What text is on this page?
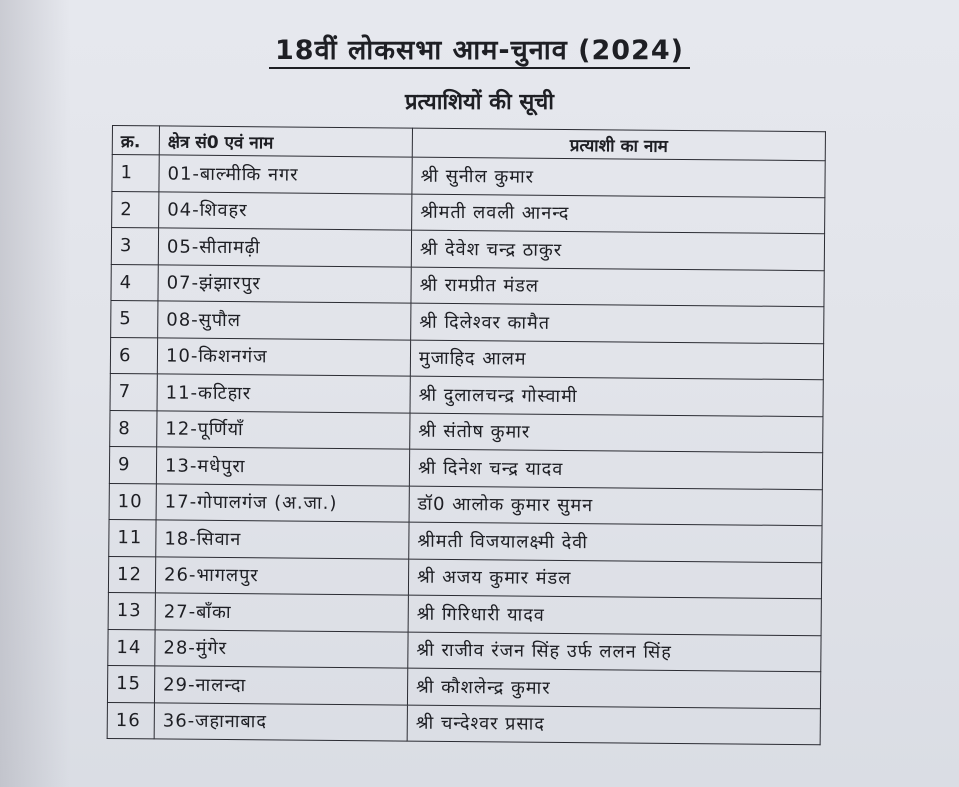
18वीं लोकसभा आम-चुनाव (2024)
प्रत्याशियों की सूची
क्र.	क्षेत्र सं0 एवं नाम	प्रत्याशी का नाम
1	01-बाल्मीकि नगर	श्री सुनील कुमार
2	04-शिवहर	श्रीमती लवली आनन्द
3	05-सीतामढ़ी	श्री देवेश चन्द्र ठाकुर
4	07-झंझारपुर	श्री रामप्रीत मंडल
5	08-सुपौल	श्री दिलेश्वर कामैत
6	10-किशनगंज	मुजाहिद आलम
7	11-कटिहार	श्री दुलालचन्द्र गोस्वामी
8	12-पूर्णियाँ	श्री संतोष कुमार
9	13-मधेपुरा	श्री दिनेश चन्द्र यादव
10	17-गोपालगंज (अ.जा.)	डॉ0 आलोक कुमार सुमन
11	18-सिवान	श्रीमती विजयालक्ष्मी देवी
12	26-भागलपुर	श्री अजय कुमार मंडल
13	27-बाँका	श्री गिरिधारी यादव
14	28-मुंगेर	श्री राजीव रंजन सिंह उर्फ ललन सिंह
15	29-नालन्दा	श्री कौशलेन्द्र कुमार
16	36-जहानाबाद	श्री चन्देश्वर प्रसाद
